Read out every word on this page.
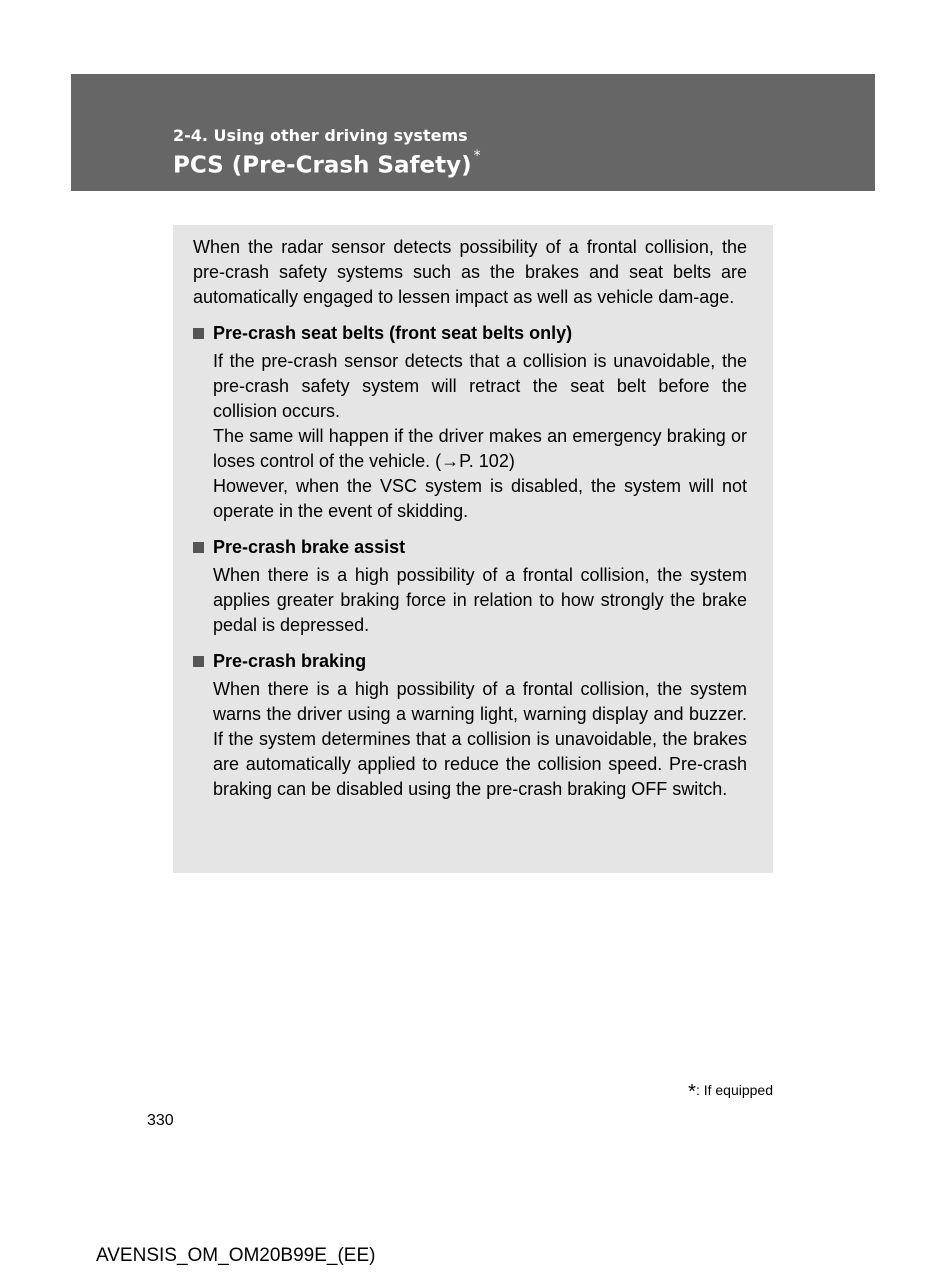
2-4. Using other driving systems
PCS (Pre-Crash Safety) *

When the radar sensor detects possibility of a frontal collision, the pre-crash safety systems such as the brakes and seat belts are automatically engaged to lessen impact as well as vehicle dam-age.

Pre-crash seat belts (front seat belts only)

If the pre-crash sensor detects that a collision is unavoidable, the pre-crash safety system will retract the seat belt before the collision occurs.

The same will happen if the driver makes an emergency braking or loses control of the vehicle. (→P. 102)

However, when the VSC system is disabled, the system will not operate in the event of skidding.

Pre-crash brake assist

When there is a high possibility of a frontal collision, the system applies greater braking force in relation to how strongly the brake pedal is depressed.

Pre-crash braking

When there is a high possibility of a frontal collision, the system warns the driver using a warning light, warning display and buzzer. If the system determines that a collision is unavoidable, the brakes are automatically applied to reduce the collision speed. Pre-crash braking can be disabled using the pre-crash braking OFF switch.

*: If equipped
330
AVENSIS_OM_OM20B99E_(EE)
